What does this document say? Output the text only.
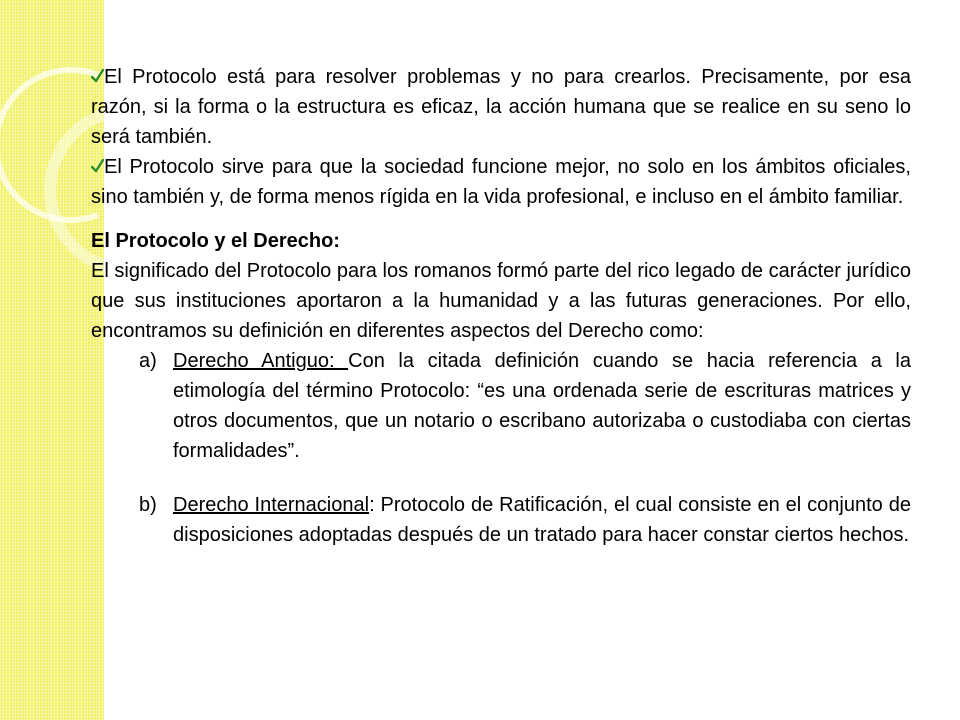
El Protocolo está para resolver problemas y no para crearlos. Precisamente, por esa razón, si la forma o la estructura es eficaz, la acción humana que se realice en su seno lo será también.
El Protocolo sirve para que la sociedad funcione mejor, no solo en los ámbitos oficiales, sino también y, de forma menos rígida en la vida profesional, e incluso en el ámbito familiar.
El Protocolo y el Derecho:
El significado del Protocolo para los romanos formó parte del rico legado de carácter jurídico que sus instituciones aportaron a la humanidad y a las futuras generaciones. Por ello, encontramos su definición en diferentes aspectos del Derecho como:
a) Derecho Antiguo: Con la citada definición cuando se hacia referencia a la etimología del término Protocolo: “es una ordenada serie de escrituras matrices y otros documentos, que un notario o escribano autorizaba o custodiaba con ciertas formalidades”.
b) Derecho Internacional: Protocolo de Ratificación, el cual consiste en el conjunto de disposiciones adoptadas después de un tratado para hacer constar ciertos hechos.
